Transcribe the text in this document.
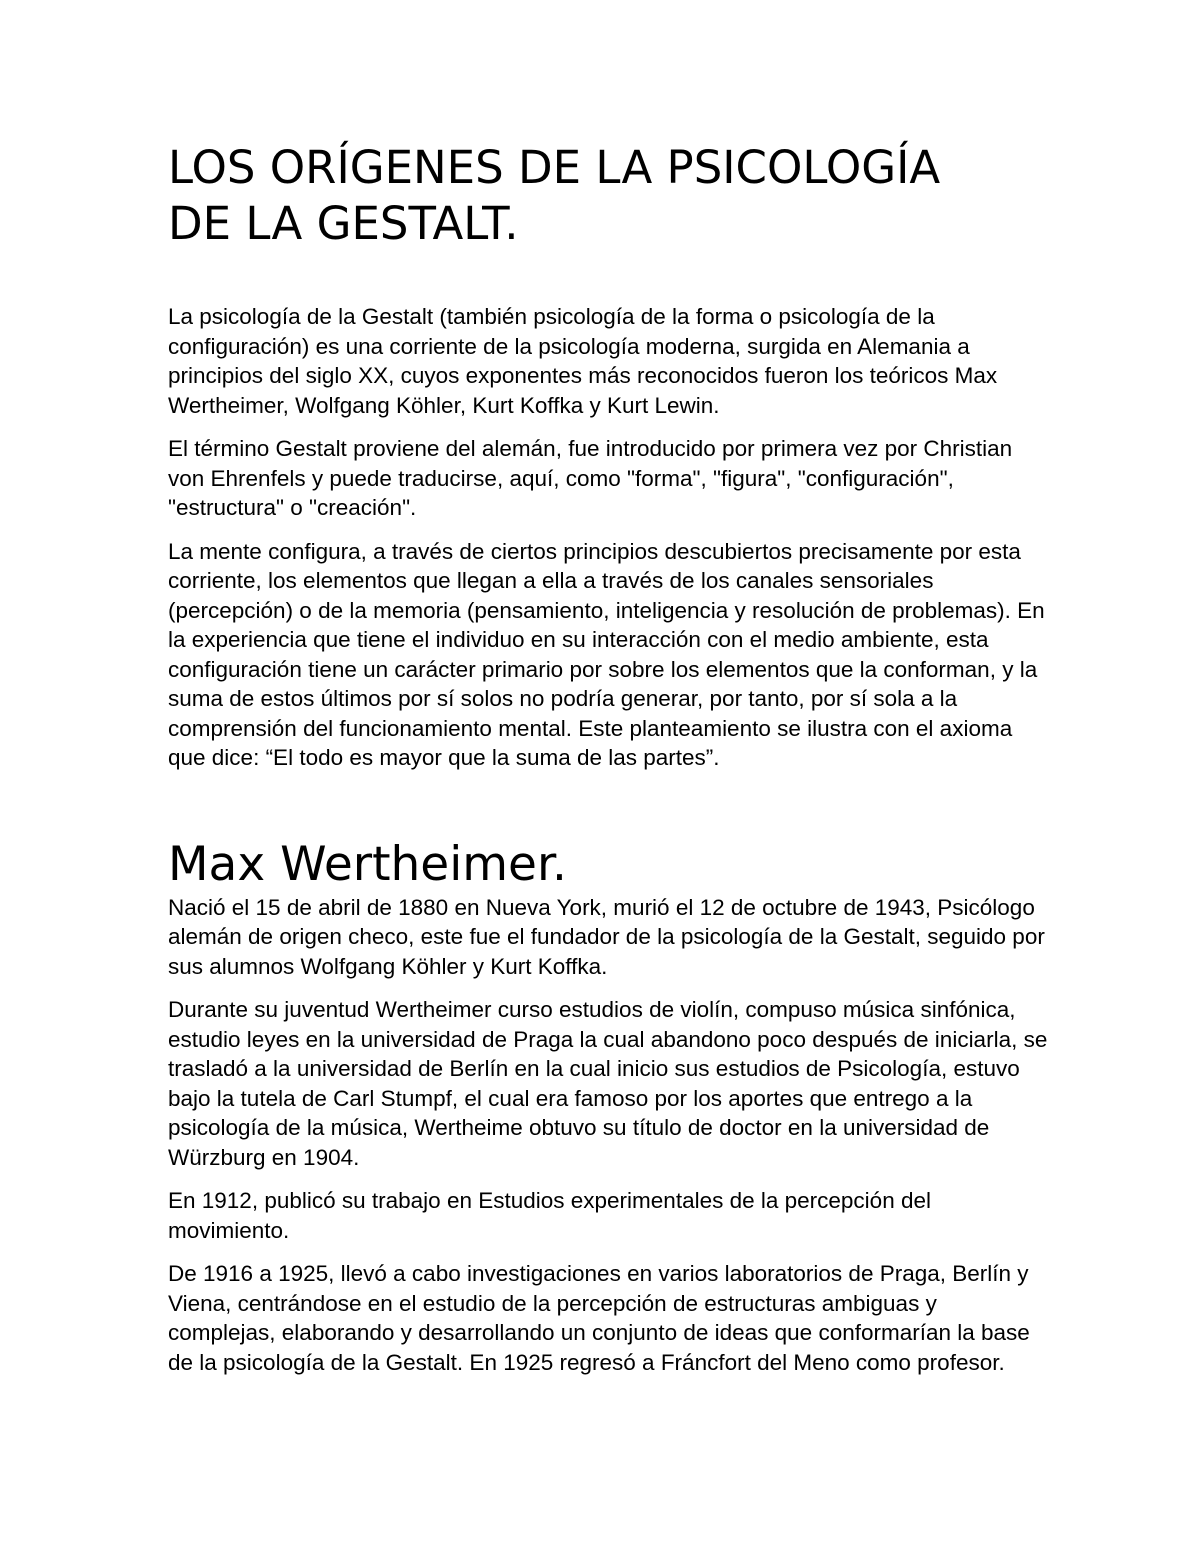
LOS ORÍGENES DE LA PSICOLOGÍA
DE LA GESTALT.

La psicología de la Gestalt (también psicología de la forma o psicología de la configuración) es una corriente de la psicología moderna, surgida en Alemania a principios del siglo XX, cuyos exponentes más reconocidos fueron los teóricos Max Wertheimer, Wolfgang Köhler, Kurt Koffka y Kurt Lewin.

El término Gestalt proviene del alemán, fue introducido por primera vez por Christian von Ehrenfels y puede traducirse, aquí, como "forma", "figura", "configuración", "estructura" o "creación".

La mente configura, a través de ciertos principios descubiertos precisamente por esta corriente, los elementos que llegan a ella a través de los canales sensoriales (percepción) o de la memoria (pensamiento, inteligencia y resolución de problemas). En la experiencia que tiene el individuo en su interacción con el medio ambiente, esta configuración tiene un carácter primario por sobre los elementos que la conforman, y la suma de estos últimos por sí solos no podría generar, por tanto, por sí sola a la comprensión del funcionamiento mental. Este planteamiento se ilustra con el axioma que dice: “El todo es mayor que la suma de las partes”.

Max Wertheimer.

Nació el 15 de abril de 1880 en Nueva York, murió el 12 de octubre de 1943, Psicólogo alemán de origen checo, este fue el fundador de la psicología de la Gestalt, seguido por sus alumnos Wolfgang Köhler y Kurt Koffka.

Durante su juventud Wertheimer curso estudios de violín, compuso música sinfónica, estudio leyes en la universidad de Praga la cual abandono poco después de iniciarla, se trasladó a la universidad de Berlín en la cual inicio sus estudios de Psicología, estuvo bajo la tutela de Carl Stumpf, el cual era famoso por los aportes que entrego a la psicología de la música, Wertheime obtuvo su título de doctor en la universidad de Würzburg en 1904.

En 1912, publicó su trabajo en Estudios experimentales de la percepción del movimiento.

De 1916 a 1925, llevó a cabo investigaciones en varios laboratorios de Praga, Berlín y Viena, centrándose en el estudio de la percepción de estructuras ambiguas y complejas, elaborando y desarrollando un conjunto de ideas que conformarían la base de la psicología de la Gestalt. En 1925 regresó a Fráncfort del Meno como profesor.
